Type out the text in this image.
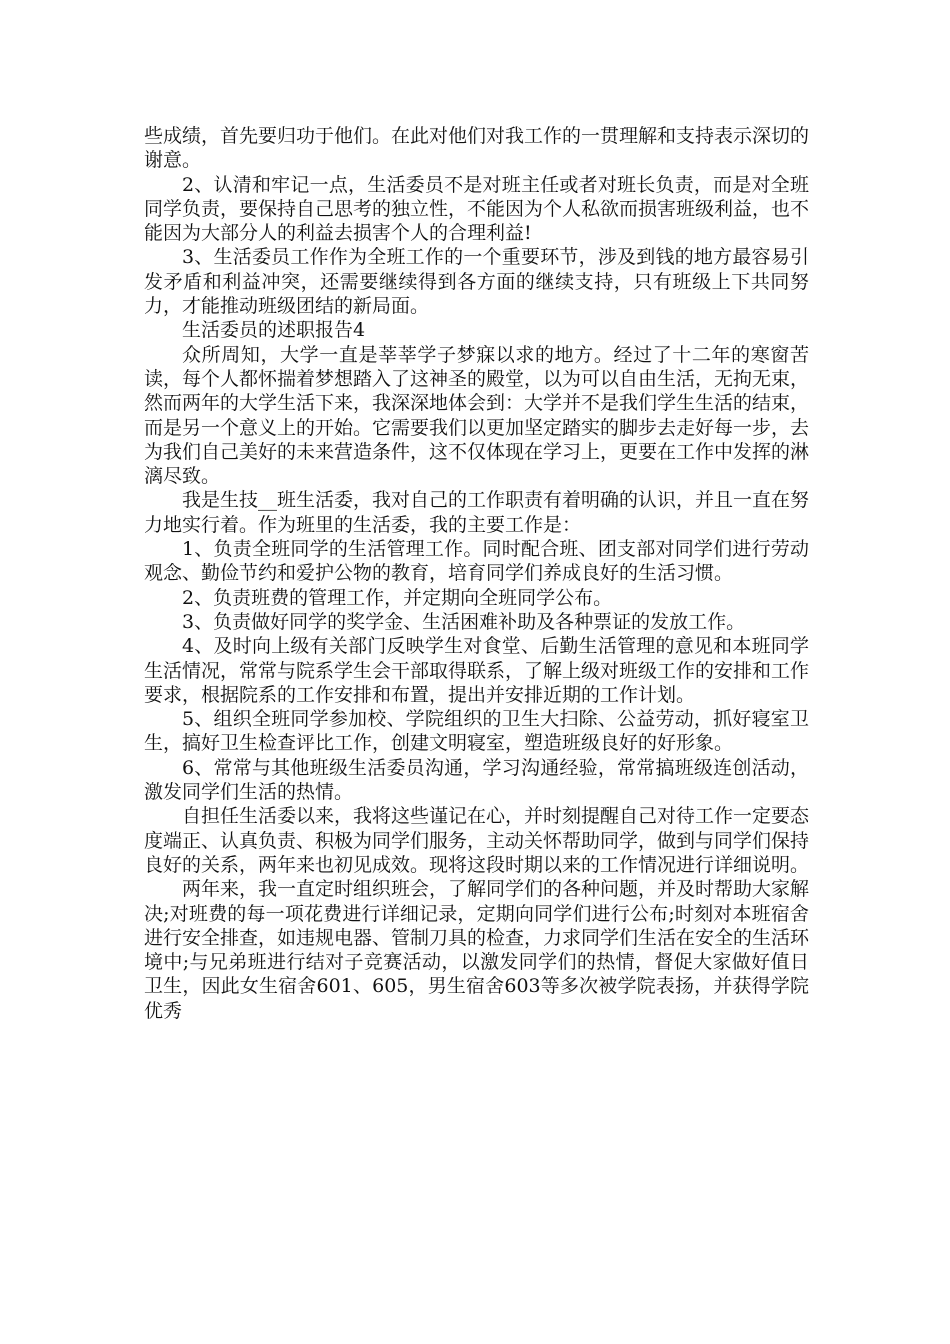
些成绩，首先要归功于他们。在此对他们对我工作的一贯理解和支持表示深切的谢意。

2、认清和牢记一点，生活委员不是对班主任或者对班长负责，而是对全班同学负责，要保持自己思考的独立性，不能因为个人私欲而损害班级利益，也不能因为大部分人的利益去损害个人的合理利益!

3、生活委员工作作为全班工作的一个重要环节，涉及到钱的地方最容易引发矛盾和利益冲突，还需要继续得到各方面的继续支持，只有班级上下共同努力，才能推动班级团结的新局面。

生活委员的述职报告4

众所周知，大学一直是莘莘学子梦寐以求的地方。经过了十二年的寒窗苦读，每个人都怀揣着梦想踏入了这神圣的殿堂，以为可以自由生活，无拘无束，然而两年的大学生活下来，我深深地体会到：大学并不是我们学生生活的结束，而是另一个意义上的开始。它需要我们以更加坚定踏实的脚步去走好每一步，去为我们自己美好的未来营造条件，这不仅体现在学习上，更要在工作中发挥的淋漓尽致。

我是生技__班生活委，我对自己的工作职责有着明确的认识，并且一直在努力地实行着。作为班里的生活委，我的主要工作是：

1、负责全班同学的生活管理工作。同时配合班、团支部对同学们进行劳动观念、勤俭节约和爱护公物的教育，培育同学们养成良好的生活习惯。

2、负责班费的管理工作，并定期向全班同学公布。

3、负责做好同学的奖学金、生活困难补助及各种票证的发放工作。

4、及时向上级有关部门反映学生对食堂、后勤生活管理的意见和本班同学生活情况，常常与院系学生会干部取得联系，了解上级对班级工作的安排和工作要求，根据院系的工作安排和布置，提出并安排近期的工作计划。

5、组织全班同学参加校、学院组织的卫生大扫除、公益劳动，抓好寝室卫生，搞好卫生检查评比工作，创建文明寝室，塑造班级良好的好形象。

6、常常与其他班级生活委员沟通，学习沟通经验，常常搞班级连创活动，激发同学们生活的热情。

自担任生活委以来，我将这些谨记在心，并时刻提醒自己对待工作一定要态度端正、认真负责、积极为同学们服务，主动关怀帮助同学，做到与同学们保持良好的关系，两年来也初见成效。现将这段时期以来的工作情况进行详细说明。

两年来，我一直定时组织班会，了解同学们的各种问题，并及时帮助大家解决;对班费的每一项花费进行详细记录，定期向同学们进行公布;时刻对本班宿舍进行安全排查，如违规电器、管制刀具的检查，力求同学们生活在安全的生活环境中;与兄弟班进行结对子竞赛活动，以激发同学们的热情，督促大家做好值日卫生，因此女生宿舍601、605，男生宿舍603等多次被学院表扬，并获得学院优秀
